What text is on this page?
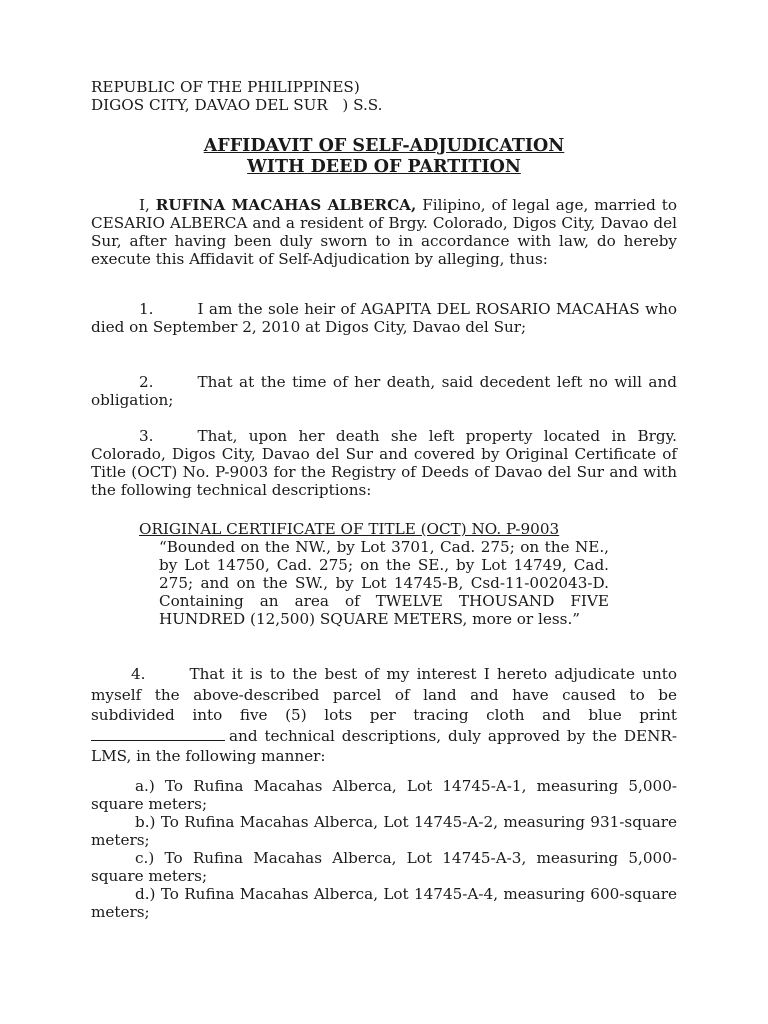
REPUBLIC OF THE PHILIPPINES)
DIGOS CITY, DAVAO DEL SUR   ) S.S.
AFFIDAVIT OF SELF-ADJUDICATION
WITH DEED OF PARTITION
I, RUFINA MACAHAS ALBERCA, Filipino, of legal age, married to CESARIO ALBERCA and a resident of Brgy. Colorado, Digos City, Davao del Sur, after having been duly sworn to in accordance with law, do hereby execute this Affidavit of Self-Adjudication by alleging, thus:
1.	I am the sole heir of AGAPITA DEL ROSARIO MACAHAS who died on September 2, 2010 at Digos City, Davao del Sur;
2.	That at the time of her death, said decedent left no will and obligation;
3.	That, upon her death she left property located in Brgy. Colorado, Digos City, Davao del Sur and covered by Original Certificate of Title (OCT) No. P-9003 for the Registry of Deeds of Davao del Sur and with the following technical descriptions:
ORIGINAL CERTIFICATE OF TITLE (OCT) NO. P-9003
“Bounded on the NW., by Lot 3701, Cad. 275; on the NE., by Lot 14750, Cad. 275; on the SE., by Lot 14749, Cad. 275; and on the SW., by Lot 14745-B, Csd-11-002043-D. Containing an area of TWELVE THOUSAND FIVE HUNDRED (12,500) SQUARE METERS, more or less.”
4.	That it is to the best of my interest I hereto adjudicate unto myself the above-described parcel of land and have caused to be subdivided into five (5) lots per tracing cloth and blue print and technical descriptions, duly approved by the DENR-LMS, in the following manner:
a.) To Rufina Macahas Alberca, Lot 14745-A-1, measuring 5,000-square meters;
b.) To Rufina Macahas Alberca, Lot 14745-A-2, measuring 931-square meters;
c.) To Rufina Macahas Alberca, Lot 14745-A-3, measuring 5,000-square meters;
d.) To Rufina Macahas Alberca, Lot 14745-A-4, measuring 600-square meters;
